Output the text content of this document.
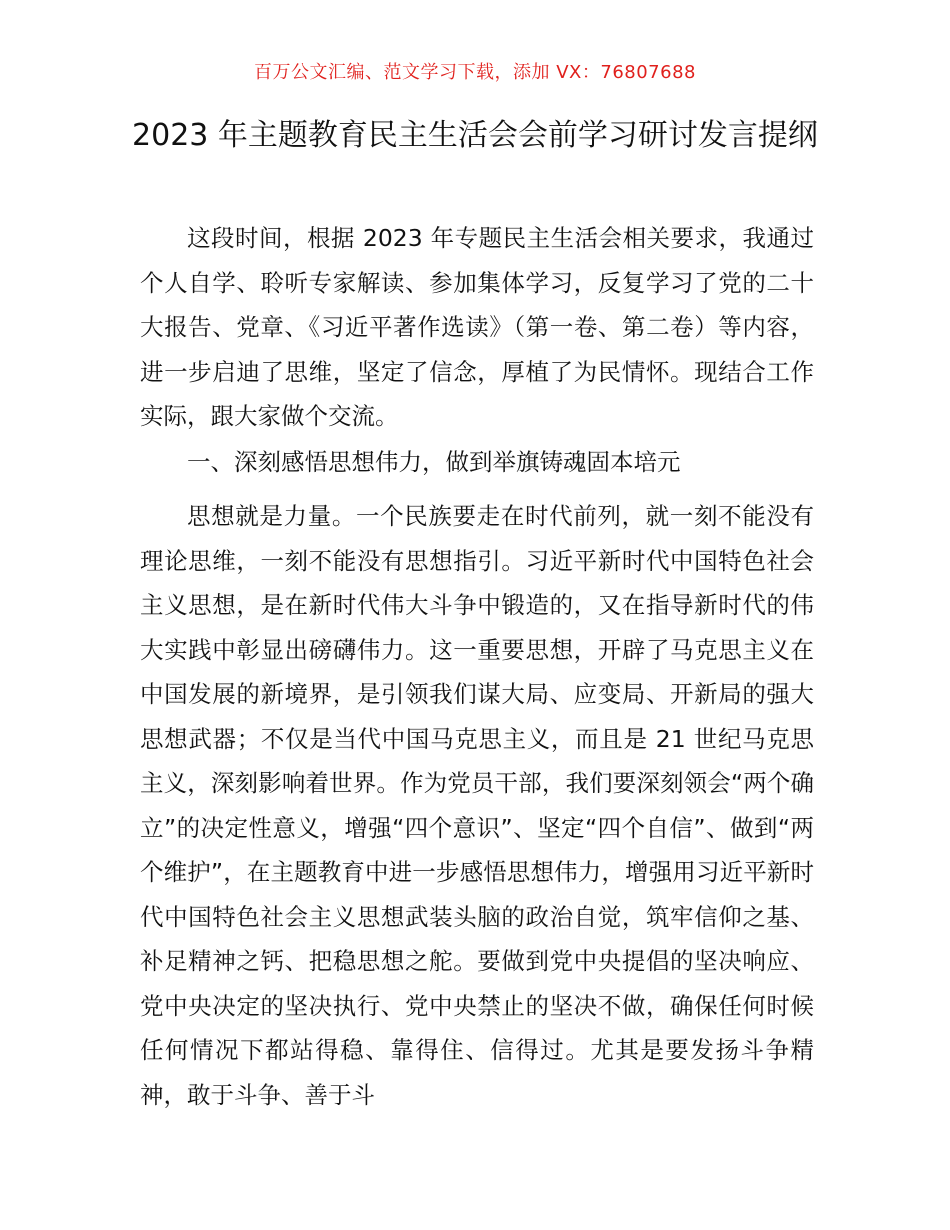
百万公文汇编、范文学习下载，添加 VX：76807688
2023 年主题教育民主生活会会前学习研讨发言提纲

这段时间，根据 2023 年专题民主生活会相关要求，我通过个人自学、聆听专家解读、参加集体学习，反复学习了党的二十大报告、党章、《习近平著作选读》（第一卷、第二卷）等内容，进一步启迪了思维，坚定了信念，厚植了为民情怀。现结合工作实际，跟大家做个交流。

一、深刻感悟思想伟力，做到举旗铸魂固本培元

思想就是力量。一个民族要走在时代前列，就一刻不能没有理论思维，一刻不能没有思想指引。习近平新时代中国特色社会主义思想，是在新时代伟大斗争中锻造的，又在指导新时代的伟大实践中彰显出磅礴伟力。这一重要思想，开辟了马克思主义在中国发展的新境界，是引领我们谋大局、应变局、开新局的强大思想武器；不仅是当代中国马克思主义，而且是 21 世纪马克思主义，深刻影响着世界。作为党员干部，我们要深刻领会“两个确立”的决定性意义，增强“四个意识”、坚定“四个自信”、做到“两个维护”，在主题教育中进一步感悟思想伟力，增强用习近平新时代中国特色社会主义思想武装头脑的政治自觉，筑牢信仰之基、补足精神之钙、把稳思想之舵。要做到党中央提倡的坚决响应、党中央决定的坚决执行、党中央禁止的坚决不做，确保任何时候任何情况下都站得稳、靠得住、信得过。尤其是要发扬斗争精神，敢于斗争、善于斗
